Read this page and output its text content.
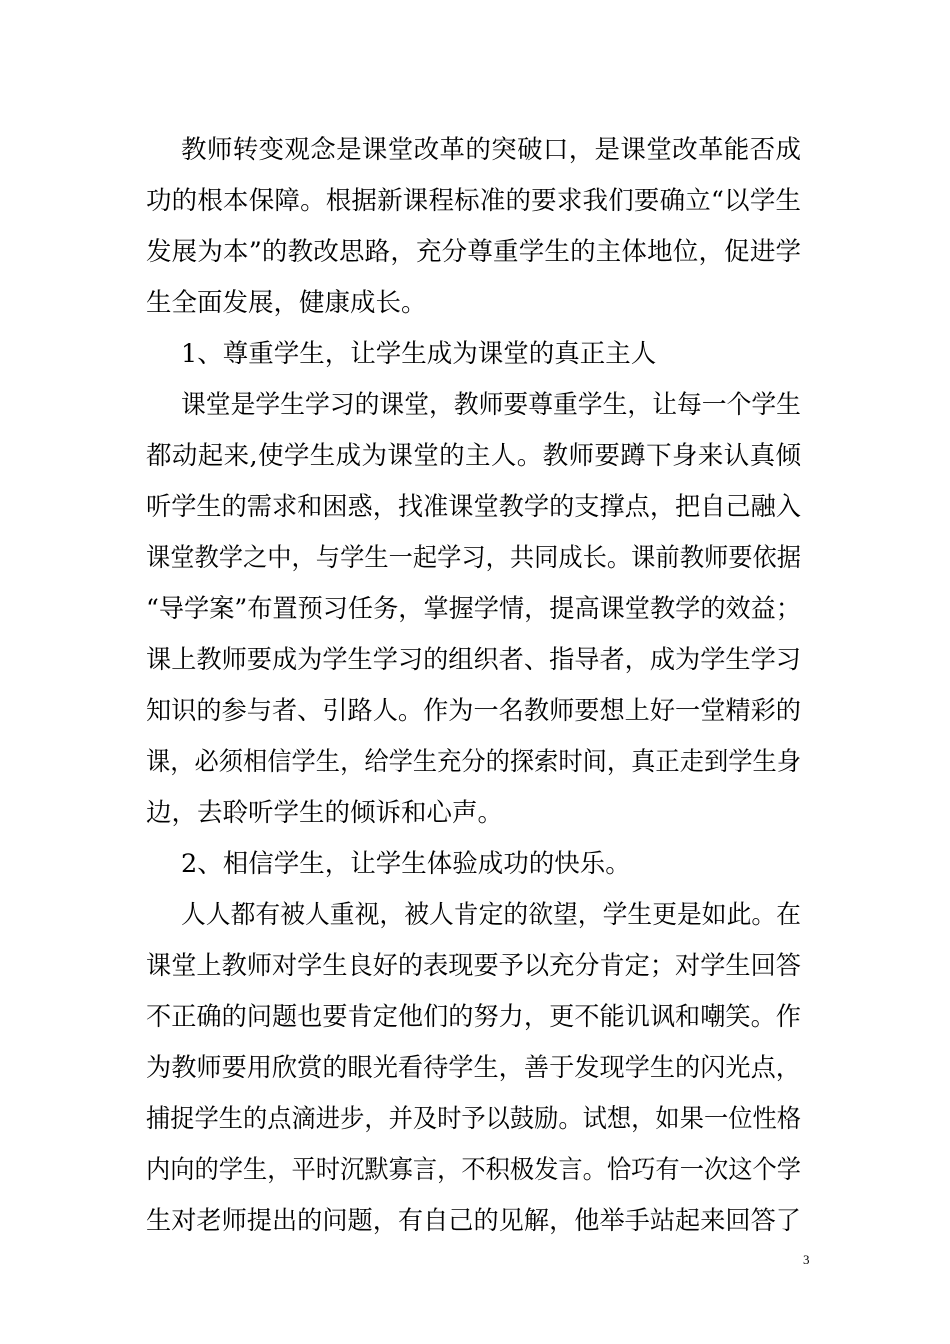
教师转变观念是课堂改革的突破口，是课堂改革能否成
功的根本保障。根据新课程标准的要求我们要确立“以学生
发展为本”的教改思路，充分尊重学生的主体地位，促进学
生全面发展，健康成长。
1、尊重学生，让学生成为课堂的真正主人
课堂是学生学习的课堂，教师要尊重学生，让每一个学生
都动起来,使学生成为课堂的主人。教师要蹲下身来认真倾
听学生的需求和困惑，找准课堂教学的支撑点，把自己融入
课堂教学之中，与学生一起学习，共同成长。课前教师要依据
“导学案”布置预习任务，掌握学情，提高课堂教学的效益；
课上教师要成为学生学习的组织者、指导者，成为学生学习
知识的参与者、引路人。作为一名教师要想上好一堂精彩的
课，必须相信学生，给学生充分的探索时间，真正走到学生身
边，去聆听学生的倾诉和心声。
2、相信学生，让学生体验成功的快乐。
人人都有被人重视，被人肯定的欲望，学生更是如此。在
课堂上教师对学生良好的表现要予以充分肯定；对学生回答
不正确的问题也要肯定他们的努力，更不能讥讽和嘲笑。作
为教师要用欣赏的眼光看待学生，善于发现学生的闪光点，
捕捉学生的点滴进步，并及时予以鼓励。试想，如果一位性格
内向的学生，平时沉默寡言，不积极发言。恰巧有一次这个学
生对老师提出的问题，有自己的见解，他举手站起来回答了
3
